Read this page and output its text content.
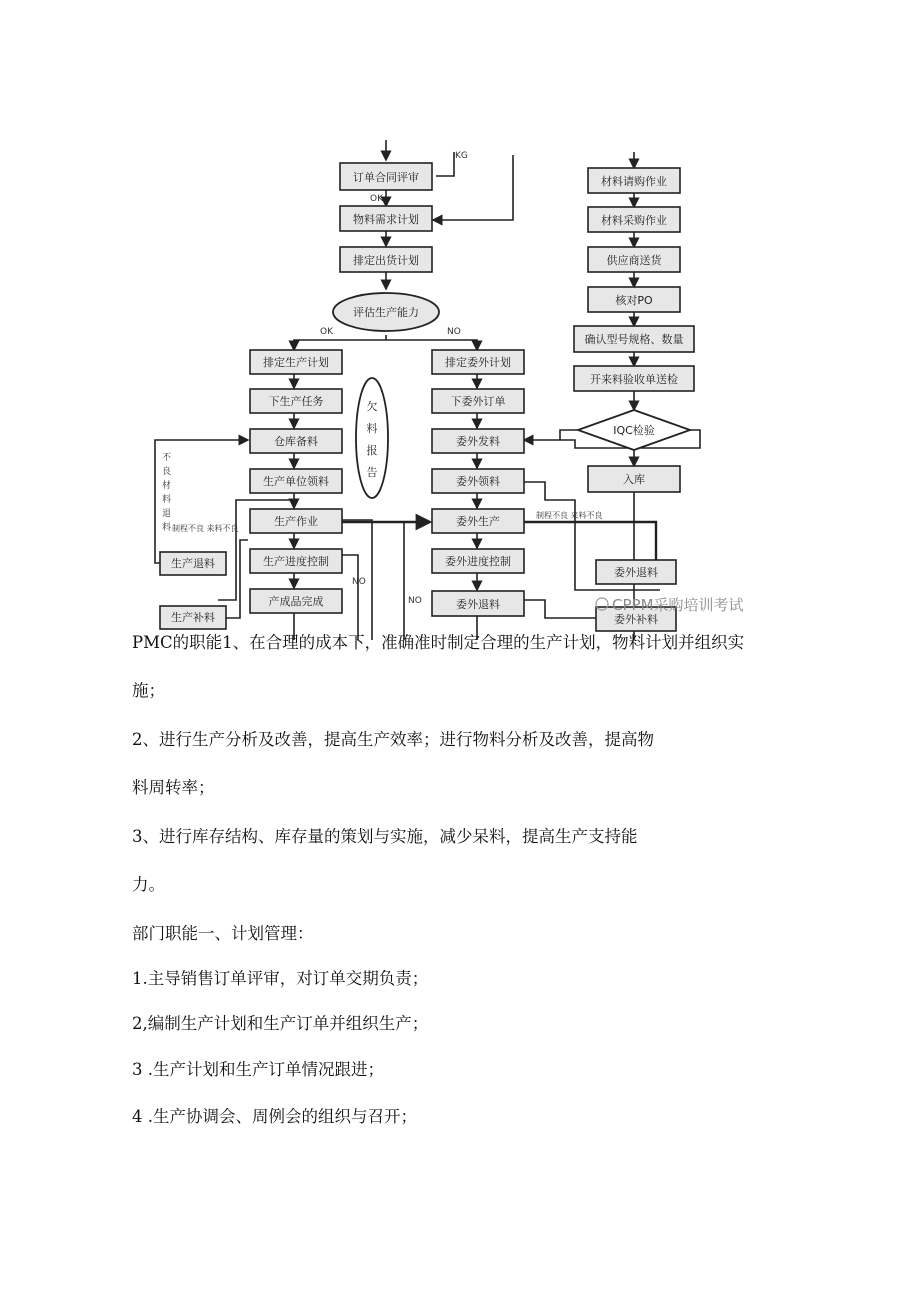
订单合同评审
OK
KG
物料需求计划
排定出货计划
评估生产能力
OK	NO
排定生产计划
下生产任务
仓库备料
生产单位领料
生产作业
生产进度控制
产成品完成
NO
欠
料
报
告
生产退料
生产补料
不
良
材
料
退
料 制程不良 来料不良
排定委外计划
下委外订单
委外发料
委外领料
委外生产
委外进度控制
委外退料
NO
制程不良 来料不良
材料请购作业
材料采购作业
供应商送货
核对PO
确认型号规格、数量
开来料验收单送检
IQC检验
入库
委外退料
委外补料
CPPM采购培训考试
PMC的职能1、在合理的成本下，准确准时制定合理的生产计划，物料计划并组织实
施；
2、进行生产分析及改善，提高生产效率；进行物料分析及改善，提高物
料周转率；
3、进行库存结构、库存量的策划与实施，减少呆料，提高生产支持能
力。
部门职能一、计划管理：
1.主导销售订单评审，对订单交期负责；
2,编制生产计划和生产订单并组织生产；
3 .生产计划和生产订单情况跟进；
4 .生产协调会、周例会的组织与召开；
